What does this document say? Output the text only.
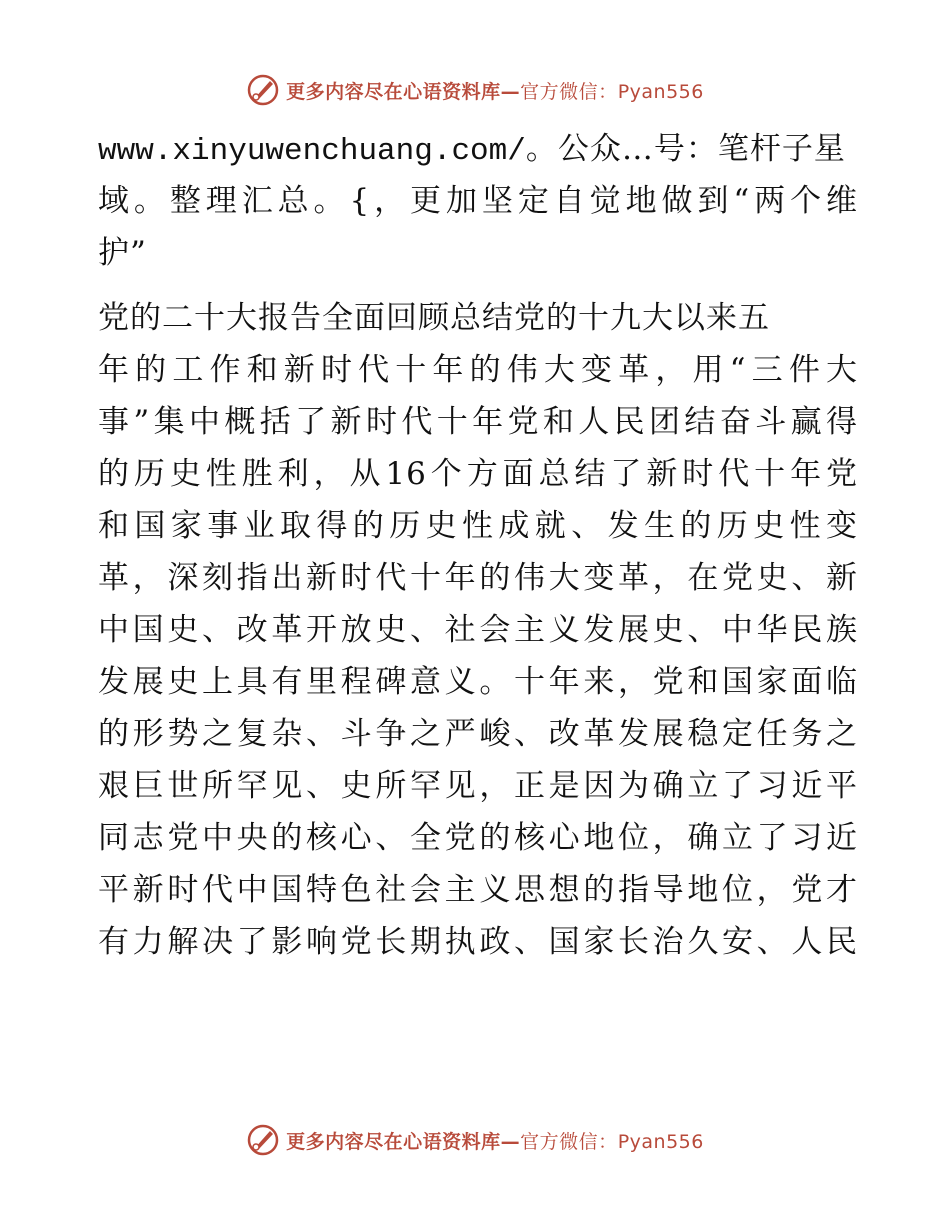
更多内容尽在心语资料库—官方微信：Pyan556
www.xinyuwenchuang.com/。公众…号：笔杆子星
域。整理汇总。{，更加坚定自觉地做到“两个维
护”
党的二十大报告全面回顾总结党的十九大以来五
年的工作和新时代十年的伟大变革，用“三件大
事”集中概括了新时代十年党和人民团结奋斗赢得
的历史性胜利，从16个方面总结了新时代十年党
和国家事业取得的历史性成就、发生的历史性变
革，深刻指出新时代十年的伟大变革，在党史、新
中国史、改革开放史、社会主义发展史、中华民族
发展史上具有里程碑意义。十年来，党和国家面临
的形势之复杂、斗争之严峻、改革发展稳定任务之
艰巨世所罕见、史所罕见，正是因为确立了习近平
同志党中央的核心、全党的核心地位，确立了习近
平新时代中国特色社会主义思想的指导地位，党才
有力解决了影响党长期执政、国家长治久安、人民
更多内容尽在心语资料库—官方微信：Pyan556
